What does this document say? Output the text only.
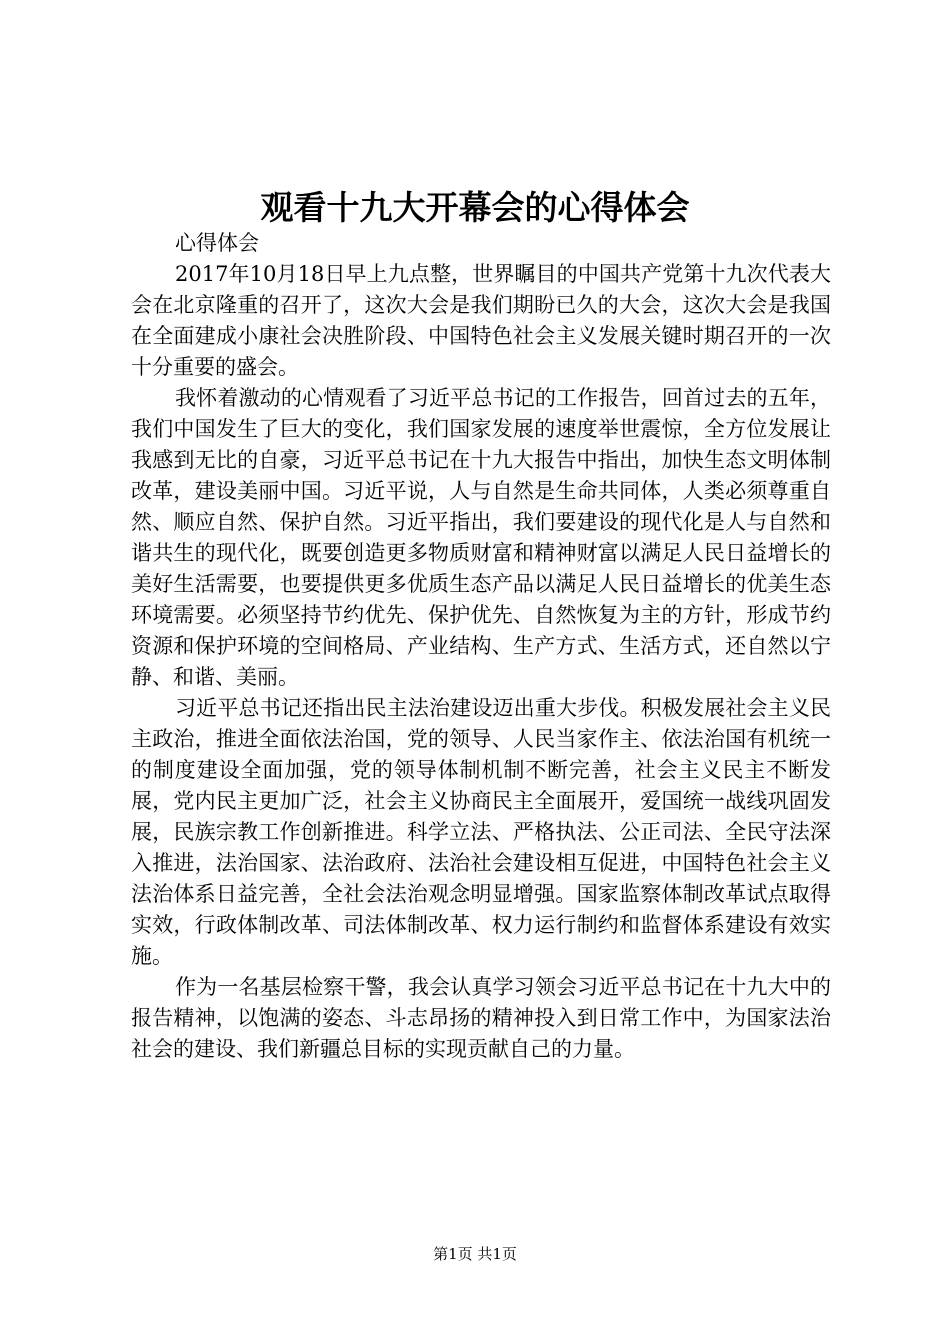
观看十九大开幕会的心得体会

心得体会

2017年10月18日早上九点整，世界瞩目的中国共产党第十九次代表大会在北京隆重的召开了，这次大会是我们期盼已久的大会，这次大会是我国在全面建成小康社会决胜阶段、中国特色社会主义发展关键时期召开的一次十分重要的盛会。

我怀着激动的心情观看了习近平总书记的工作报告，回首过去的五年，我们中国发生了巨大的变化，我们国家发展的速度举世震惊，全方位发展让我感到无比的自豪，习近平总书记在十九大报告中指出，加快生态文明体制改革，建设美丽中国。习近平说，人与自然是生命共同体，人类必须尊重自然、顺应自然、保护自然。习近平指出，我们要建设的现代化是人与自然和谐共生的现代化，既要创造更多物质财富和精神财富以满足人民日益增长的美好生活需要，也要提供更多优质生态产品以满足人民日益增长的优美生态环境需要。必须坚持节约优先、保护优先、自然恢复为主的方针，形成节约资源和保护环境的空间格局、产业结构、生产方式、生活方式，还自然以宁静、和谐、美丽。

习近平总书记还指出民主法治建设迈出重大步伐。积极发展社会主义民主政治，推进全面依法治国，党的领导、人民当家作主、依法治国有机统一的制度建设全面加强，党的领导体制机制不断完善，社会主义民主不断发展，党内民主更加广泛，社会主义协商民主全面展开，爱国统一战线巩固发展，民族宗教工作创新推进。科学立法、严格执法、公正司法、全民守法深入推进，法治国家、法治政府、法治社会建设相互促进，中国特色社会主义法治体系日益完善，全社会法治观念明显增强。国家监察体制改革试点取得实效，行政体制改革、司法体制改革、权力运行制约和监督体系建设有效实施。

作为一名基层检察干警，我会认真学习领会习近平总书记在十九大中的报告精神，以饱满的姿态、斗志昂扬的精神投入到日常工作中，为国家法治社会的建设、我们新疆总目标的实现贡献自己的力量。

第1页 共1页
